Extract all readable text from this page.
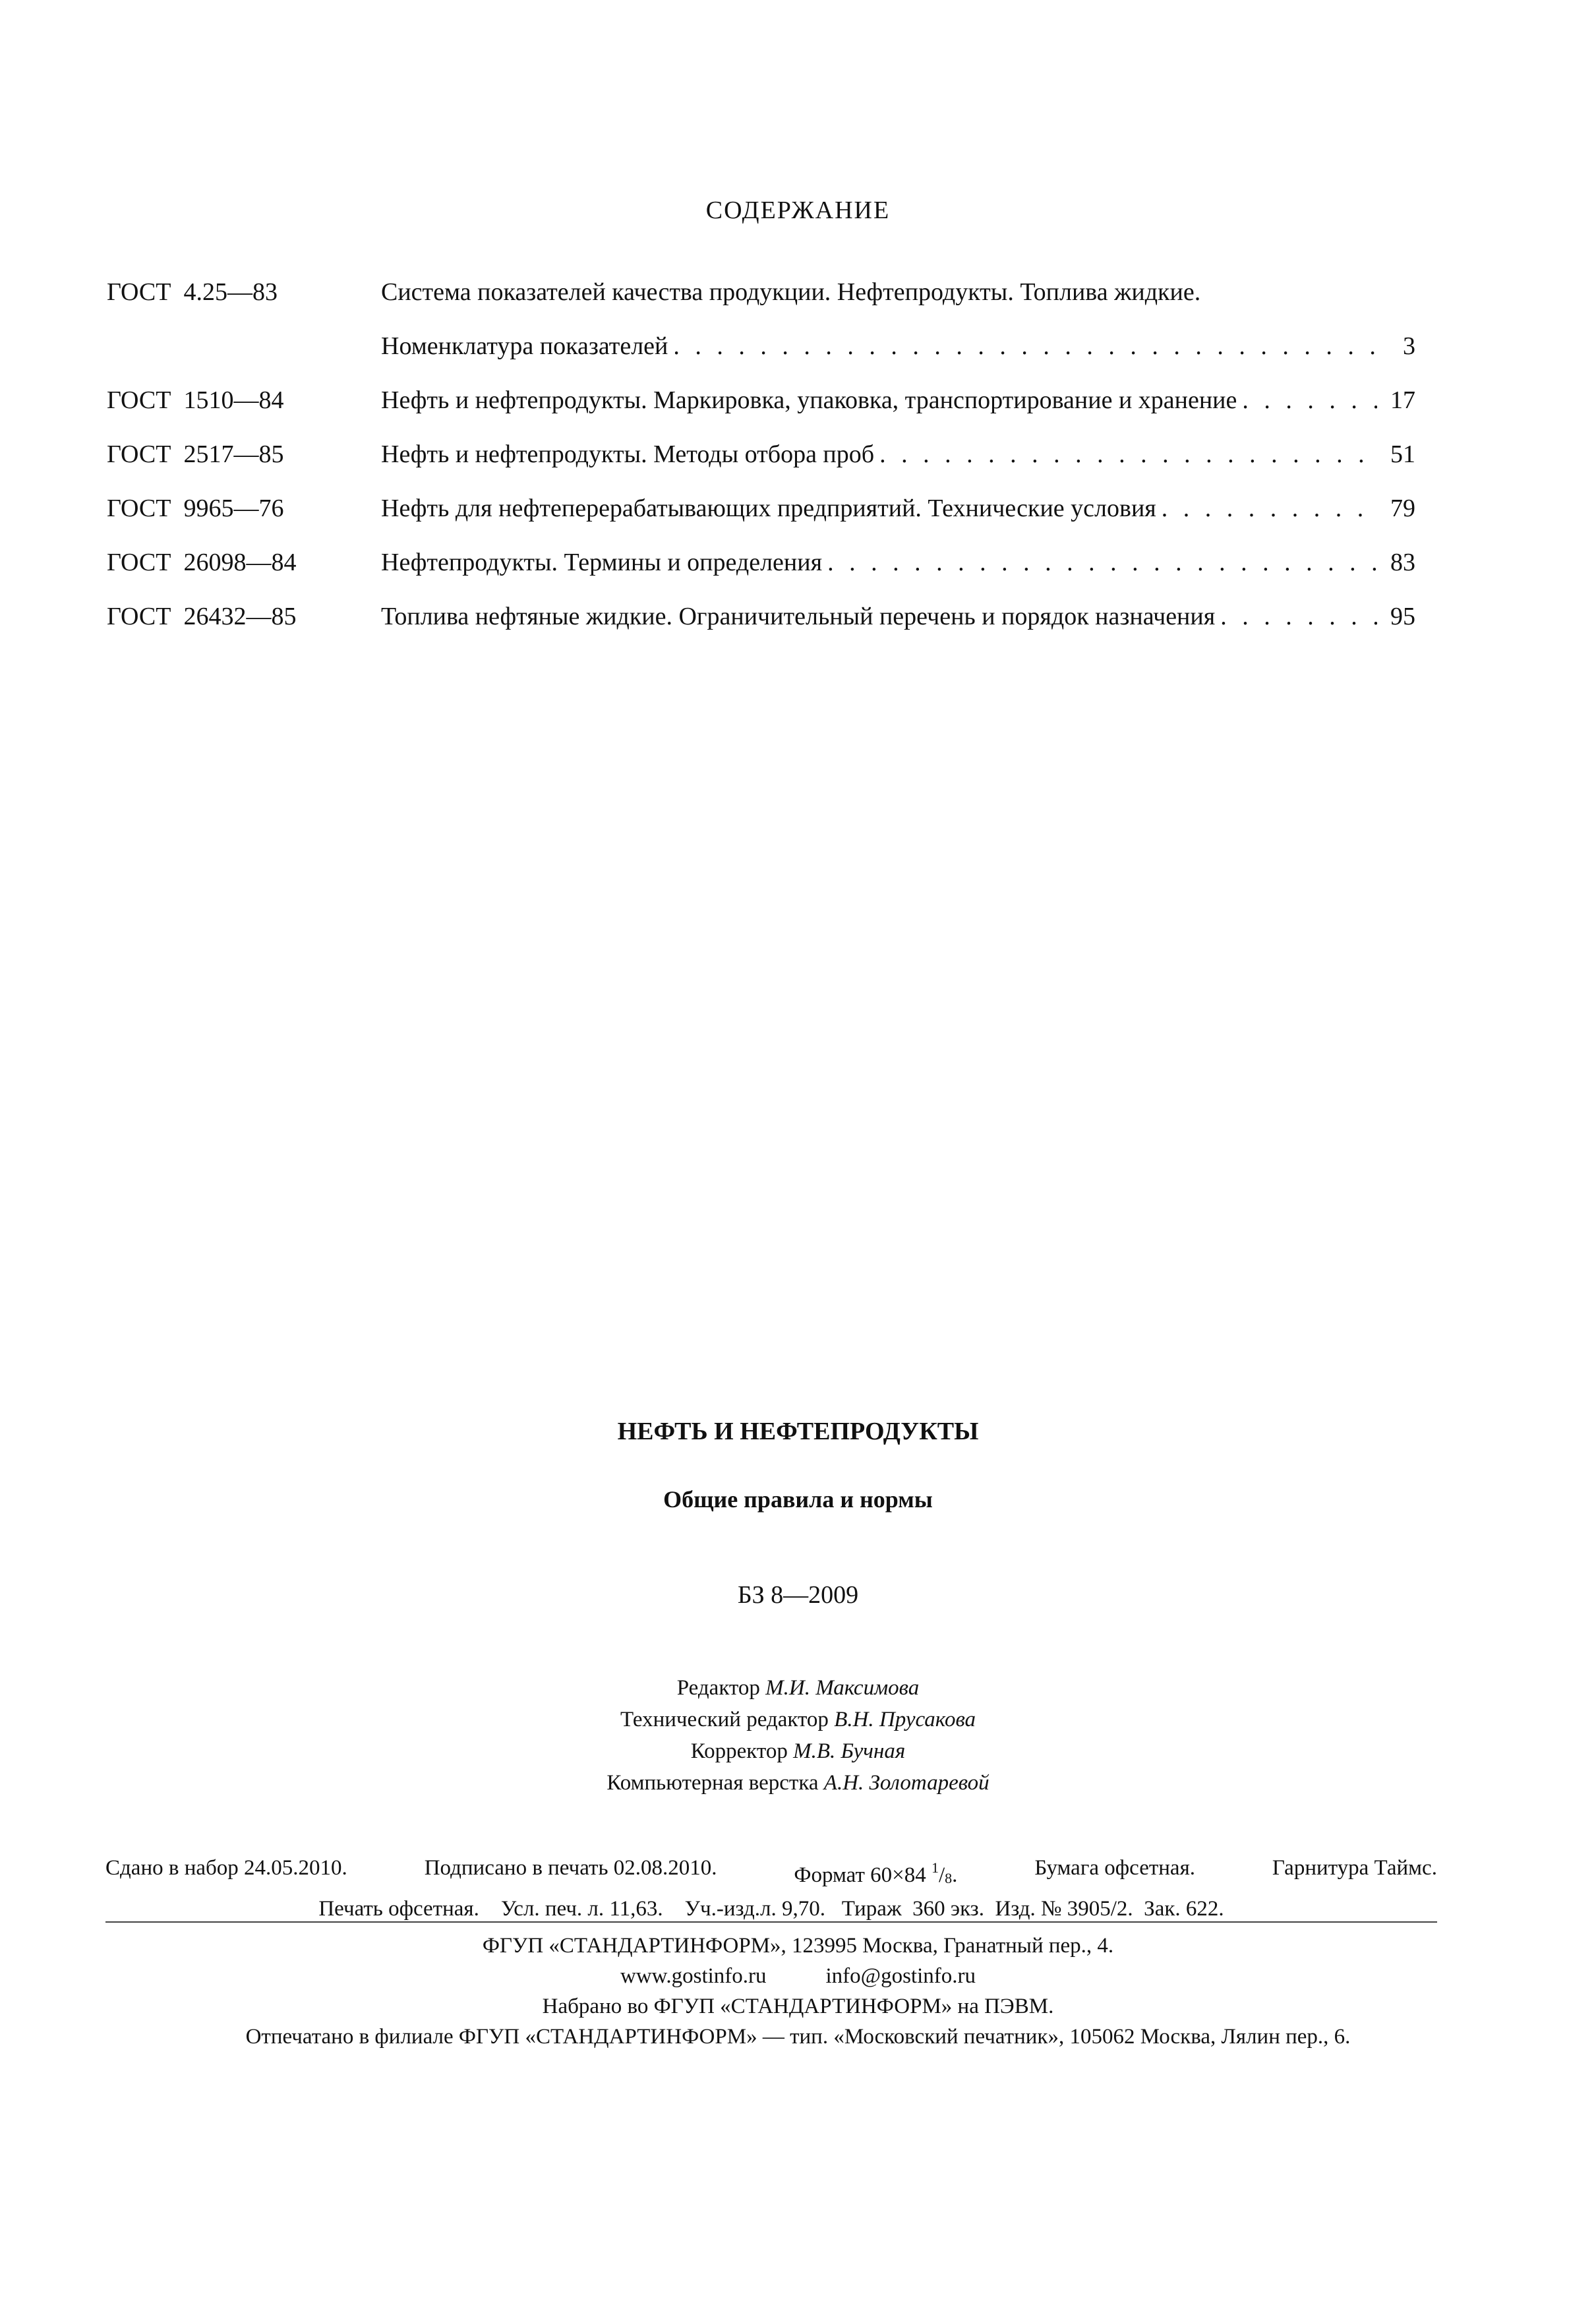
СОДЕРЖАНИЕ
ГОСТ  4.25—83	Система показателей качества продукции. Нефтепродукты. Топлива жидкие.
Номенклатура показателей . . .	3
ГОСТ  1510—84	Нефть и нефтепродукты. Маркировка, упаковка, транспортирование и хранение . . .	17
ГОСТ  2517—85	Нефть и нефтепродукты. Методы отбора проб . . .	51
ГОСТ  9965—76	Нефть для нефтеперерабатывающих предприятий. Технические условия . . .	79
ГОСТ  26098—84	Нефтепродукты. Термины и определения . . .	83
ГОСТ  26432—85	Топлива нефтяные жидкие. Ограничительный перечень и порядок назначения . . .	95
НЕФТЬ И НЕФТЕПРОДУКТЫ
Общие правила и нормы
БЗ 8—2009
Редактор М.И. Максимова
Технический редактор В.Н. Прусакова
Корректор М.В. Бучная
Компьютерная верстка А.Н. Золотаревой
Сдано в набор 24.05.2010.	Подписано в печать 02.08.2010.	Формат 60×84 $^1/_8$.	Бумага офсетная.	Гарнитура Таймс.
Печать офсетная.    Усл. печ. л. 11,63.    Уч.-изд.л. 9,70.   Тираж  360 экз.  Изд. № 3905/2.  Зак. 622.
ФГУП «СТАНДАРТИНФОРМ», 123995 Москва, Гранатный пер., 4.
www.gostinfo.ru	info@gostinfo.ru
Набрано во ФГУП «СТАНДАРТИНФОРМ» на ПЭВМ.
Отпечатано в филиале ФГУП «СТАНДАРТИНФОРМ» — тип. «Московский печатник», 105062 Москва, Лялин пер., 6.
